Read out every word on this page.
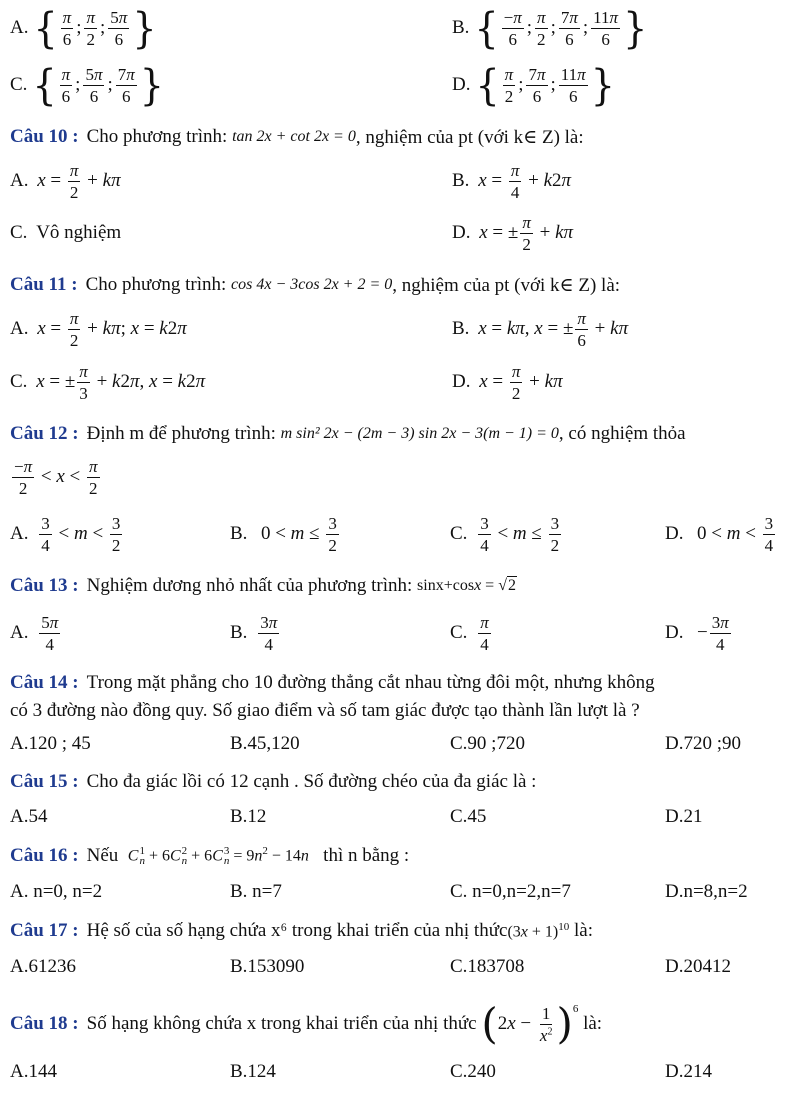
A. { $\frac{\pi}{6}$ ; $\frac{\pi}{2}$ ; $\frac{5\pi}{6}$ }	B. { $\frac{-\pi}{6}$ ; $\frac{\pi}{2}$ ; $\frac{7\pi}{6}$ ; $\frac{11\pi}{6}$ }
C. { $\frac{\pi}{6}$ ; $\frac{5\pi}{6}$ ; $\frac{7\pi}{6}$ }	D. { $\frac{\pi}{2}$ ; $\frac{7\pi}{6}$ ; $\frac{11\pi}{6}$ }
Câu 10 : Cho phương trình:
tan 2x + cot 2x = 0 , nghiệm của pt (với k∈ Z) là:
A.
$x = \frac{\pi}{2} + k\pi$	B.
$x = \frac{\pi}{4} + k$ 2 π
C.
Vô nghiệm	D.
x = ± $\frac{\pi}{2} + k\pi$
Câu 11 : Cho phương trình:
cos 4x − 3cos 2x + 2 = 0 , nghiệm của pt (với k∈ Z) là:
A.
$x = \frac{\pi}{2} + k\pi$ ; x = k 2 π	B.
x = kπ , x = ± $\frac{\pi}{6} + k\pi$
C.
x = ± $\frac{\pi}{3} + k$ 2 π , x = k 2 π	D.
$x = \frac{\pi}{2} + k\pi$
Câu 12 : Định m để phương trình:
m sin² 2x − (2m − 3) sin 2x − 3(m − 1) = 0 , có nghiệm thỏa
$\frac{-\pi}{2} < x < \frac{\pi}{2}$
A.
$\frac{3}{4} < m < \frac{3}{2}$	B. $0 < m \le \frac{3}{2}$	C.
$\frac{3}{4} < m \le \frac{3}{2}$	D. $0 < m < \frac{3}{4}$
Câu 13 : Nghiệm dương nhỏ nhất của phương trình:
sinx+cosx = √2
A.
$\frac{5\pi}{4}$	B.
$\frac{3\pi}{4}$	C.
$\frac{\pi}{4}$	D. − $\frac{3\pi}{4}$
Câu 14 : Trong mặt phẳng cho 10 đường thẳng cắt nhau từng đôi một, nhưng không
có 3 đường nào đồng quy. Số giao điểm và số tam giác được tạo thành lần lượt là ?
A.120 ; 45	B.45,120	C.90 ;720	D.720 ;90
Câu 15 : Cho đa giác lồi có 12 cạnh . Số đường chéo của đa giác là :
A.54	B.12	C.45	D.21
Câu 16 : Nếu
C 1
n + 6C 2
n + 6C 3
$n = 9n^2 - 14n$
thì n bằng :
A. n=0, n=2	B. n=7	C. n=0,n=2,n=7	D.n=8,n=2
Câu 17 : Hệ số của số hạng chứa x⁶ trong khai triển của nhị thức $(3x + 1)^{10}$
là:
A.61236	B.153090	C.183708	D.20412
Câu 18 : Số hạng không chứa x trong khai triển của nhị thức
( 2 $x - \frac{1}{x^2}$ ) 6

là:
A.144	B.124	C.240	D.214
